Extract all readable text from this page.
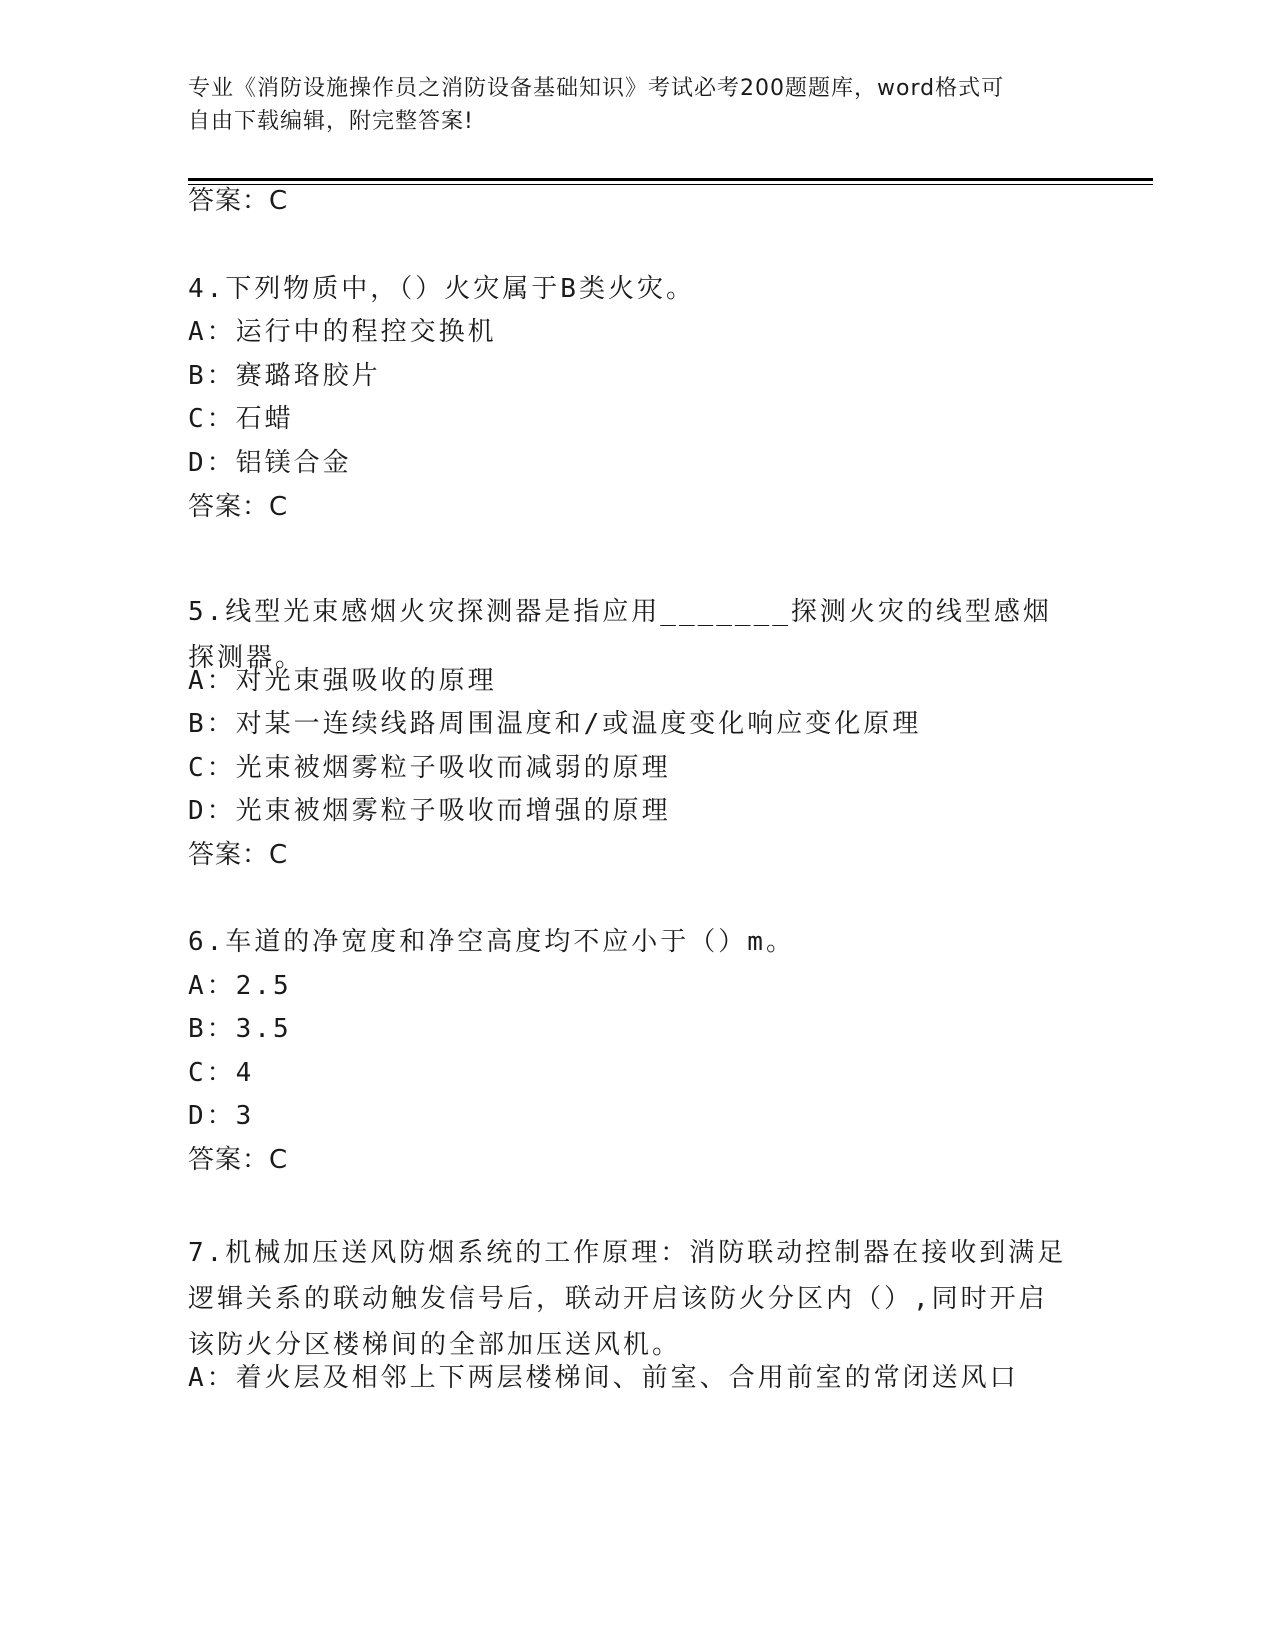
专业《消防设施操作员之消防设备基础知识》考试必考200题题库，word格式可
自由下载编辑，附完整答案!
答案：C
4.下列物质中，（）火灾属于B类火灾。
A：运行中的程控交换机
B：赛璐珞胶片
C：石蜡
D：铝镁合金
答案：C
5.线型光束感烟火灾探测器是指应用_______探测火灾的线型感烟探测器。
A：对光束强吸收的原理
B：对某一连续线路周围温度和/或温度变化响应变化原理
C：光束被烟雾粒子吸收而减弱的原理
D：光束被烟雾粒子吸收而增强的原理
答案：C
6.车道的净宽度和净空高度均不应小于（）m。
A：2.5
B：3.5
C：4
D：3
答案：C
7.机械加压送风防烟系统的工作原理：消防联动控制器在接收到满足逻辑关系的联动触发信号后，联动开启该防火分区内（）,同时开启该防火分区楼梯间的全部加压送风机。
A：着火层及相邻上下两层楼梯间、前室、合用前室的常闭送风口
